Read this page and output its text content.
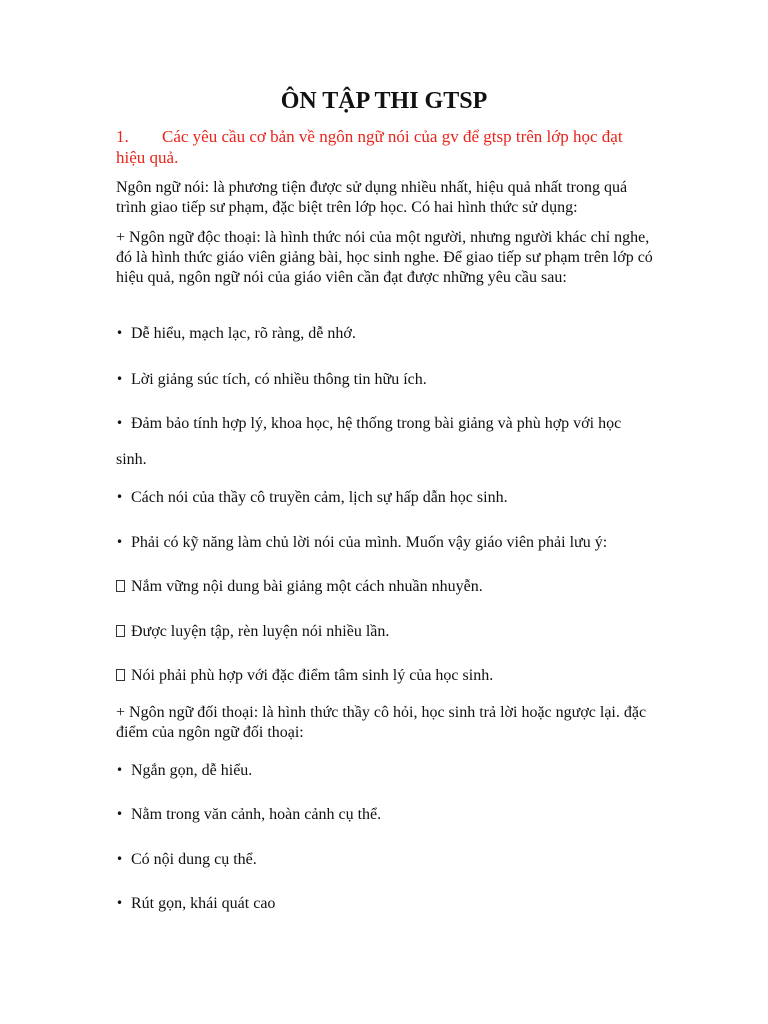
ÔN TẬP THI GTSP

1. Các yêu cầu cơ bản về ngôn ngữ nói của gv để gtsp trên lớp học đạt hiệu quả.

Ngôn ngữ nói: là phương tiện được sử dụng nhiều nhất, hiệu quả nhất trong quá trình giao tiếp sư phạm, đặc biệt trên lớp học. Có hai hình thức sử dụng:

+ Ngôn ngữ độc thoại: là hình thức nói của một người, nhưng người khác chỉ nghe, đó là hình thức giáo viên giảng bài, học sinh nghe. Để giao tiếp sư phạm trên lớp có hiệu quả, ngôn ngữ nói của giáo viên cần đạt được những yêu cầu sau:

• Dễ hiểu, mạch lạc, rõ ràng, dễ nhớ.

• Lời giảng súc tích, có nhiều thông tin hữu ích.

• Đảm bảo tính hợp lý, khoa học, hệ thống trong bài giảng và phù hợp với học

sinh.

• Cách nói của thầy cô truyền cảm, lịch sự hấp dẫn học sinh.

• Phải có kỹ năng làm chủ lời nói của mình. Muốn vậy giáo viên phải lưu ý:

Nắm vững nội dung bài giảng một cách nhuần nhuyễn.

Được luyện tập, rèn luyện nói nhiều lần.

Nói phải phù hợp với đặc điểm tâm sinh lý của học sinh.

+ Ngôn ngữ đối thoại: là hình thức thầy cô hỏi, học sinh trả lời hoặc ngược lại. đặc điểm của ngôn ngữ đối thoại:

• Ngắn gọn, dễ hiểu.

• Nằm trong văn cảnh, hoàn cảnh cụ thể.

• Có nội dung cụ thể.

• Rút gọn, khái quát cao
